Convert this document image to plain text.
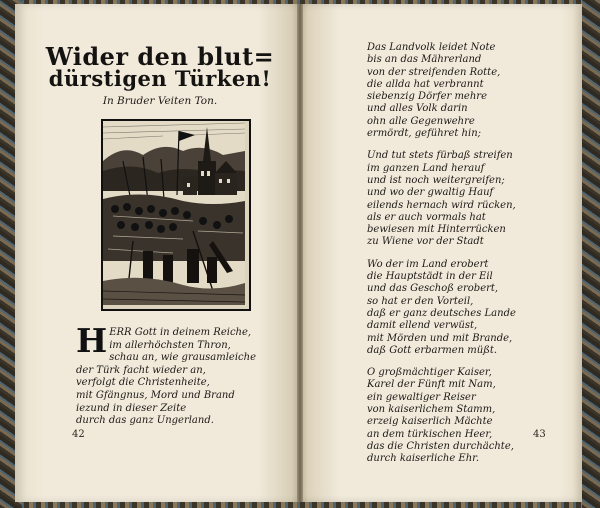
Wider den blut=
dürstigen Türken!
In Bruder Veiten Ton.
H ERR Gott in deinem Reiche,
im allerhöchsten Thron,
schau an, wie grausamleiche
der Türk facht wieder an,
verfolgt die Christenheite,
mit Gfängnus, Mord und Brand
iezund in dieser Zeite
durch das ganz Ungerland.
42
Das Landvolk leidet Note
bis an das Mährerland
von der streifenden Rotte,
die allda hat verbrannt
siebenzig Dörfer mehre
und alles Volk darin
ohn alle Gegenwehre
ermördt, geführet hin;
Und tut stets fürbaß streifen
im ganzen Land herauf
und ist noch weitergreifen;
und wo der gwaltig Hauf
eilends hernach wird rücken,
als er auch vormals hat
bewiesen mit Hinterrücken
zu Wiene vor der Stadt
Wo der im Land erobert
die Hauptstädt in der Eil
und das Geschoß erobert,
so hat er den Vorteil,
daß er ganz deutsches Lande
damit ellend verwüst,
mit Mörden und mit Brande,
daß Gott erbarmen müßt.
O großmächtiger Kaiser,
Karel der Fünft mit Nam,
ein gewaltiger Reiser
von kaiserlichem Stamm,
erzeig kaiserlich Mächte
an dem türkischen Heer,
das die Christen durchächte,
durch kaiserliche Ehr.
43
